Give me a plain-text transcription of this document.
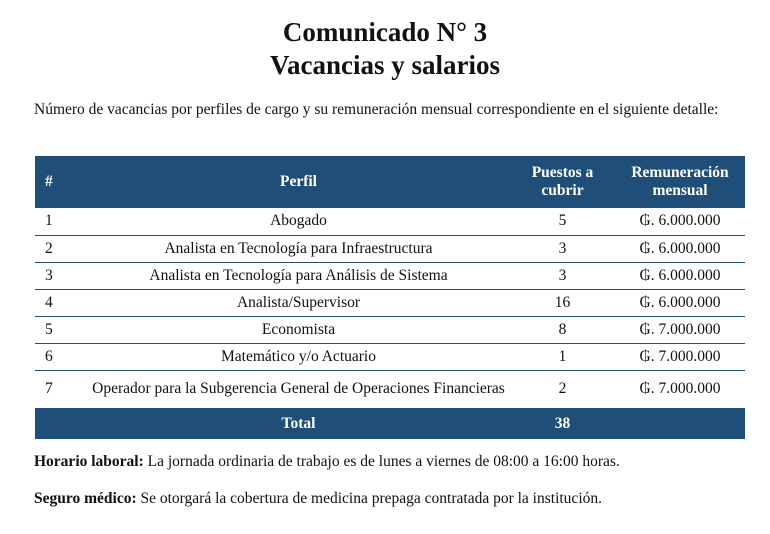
Comunicado N° 3
Vacancias y salarios
Número de vacancias por perfiles de cargo y su remuneración mensual correspondiente en el siguiente detalle:
#	Perfil	Puestos a cubrir	Remuneración mensual
1	Abogado	5	₲. 6.000.000
2	Analista en Tecnología para Infraestructura	3	₲. 6.000.000
3	Analista en Tecnología para Análisis de Sistema	3	₲. 6.000.000
4	Analista/Supervisor	16	₲. 6.000.000
5	Economista	8	₲. 7.000.000
6	Matemático y/o Actuario	1	₲. 7.000.000
7	Operador para la Subgerencia General de Operaciones Financieras	2	₲. 7.000.000
	Total	38	
Horario laboral: La jornada ordinaria de trabajo es de lunes a viernes de 08:00 a 16:00 horas.
Seguro médico: Se otorgará la cobertura de medicina prepaga contratada por la institución.
